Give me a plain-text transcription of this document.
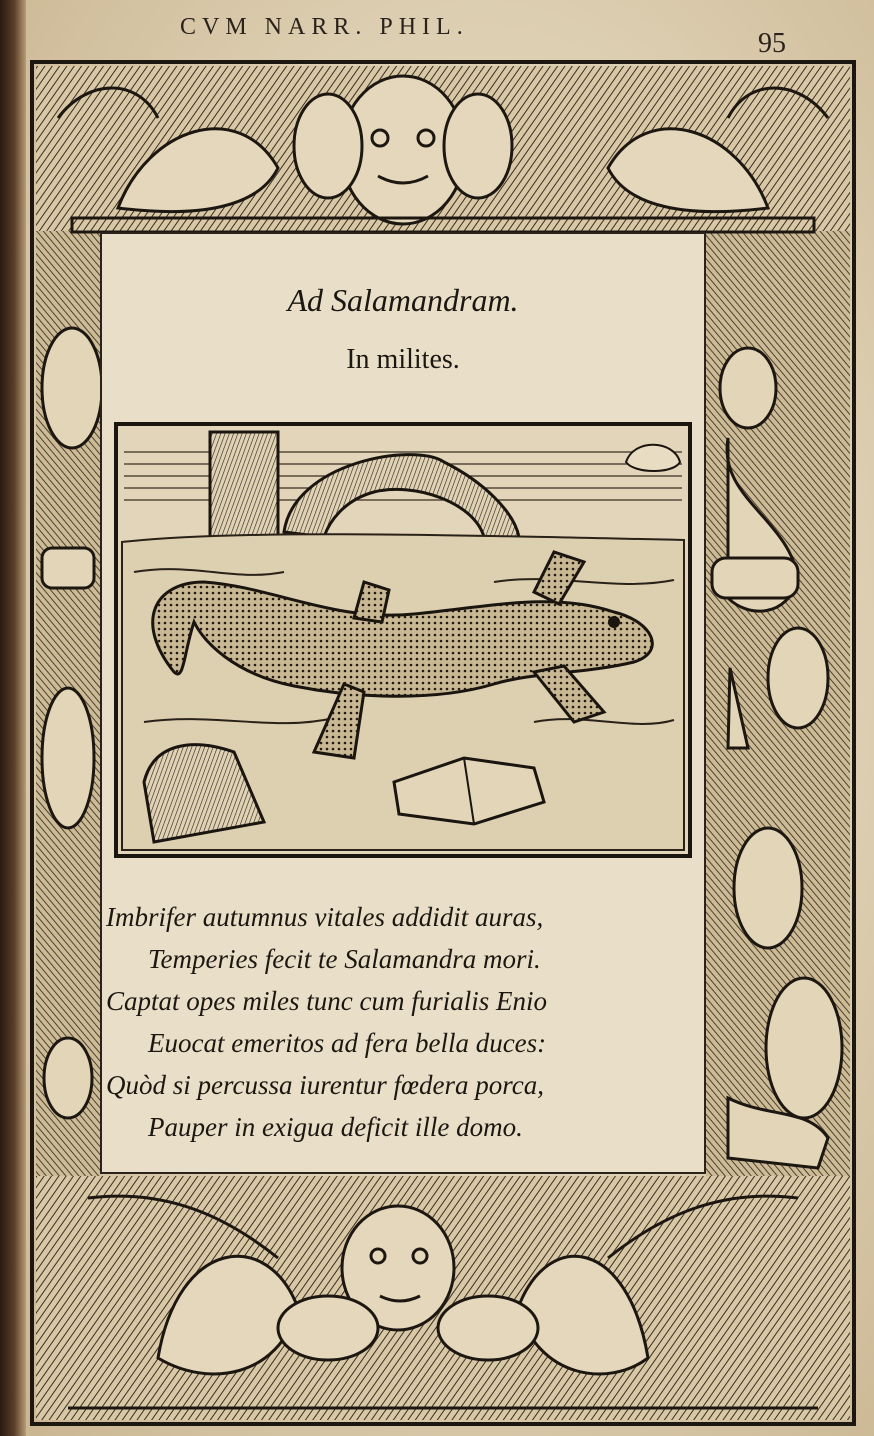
CVM NARR. PHIL.
95
Ad Salamandram.
In milites.
Imbrifer autumnus vitales addidit auras,
Temperies fecit te Salamandra mori.
Captat opes miles tunc cum furialis Enio
Euocat emeritos ad fera bella duces:
Quòd si percussa iurentur fœdera porca,
Pauper in exigua deficit ille domo.
